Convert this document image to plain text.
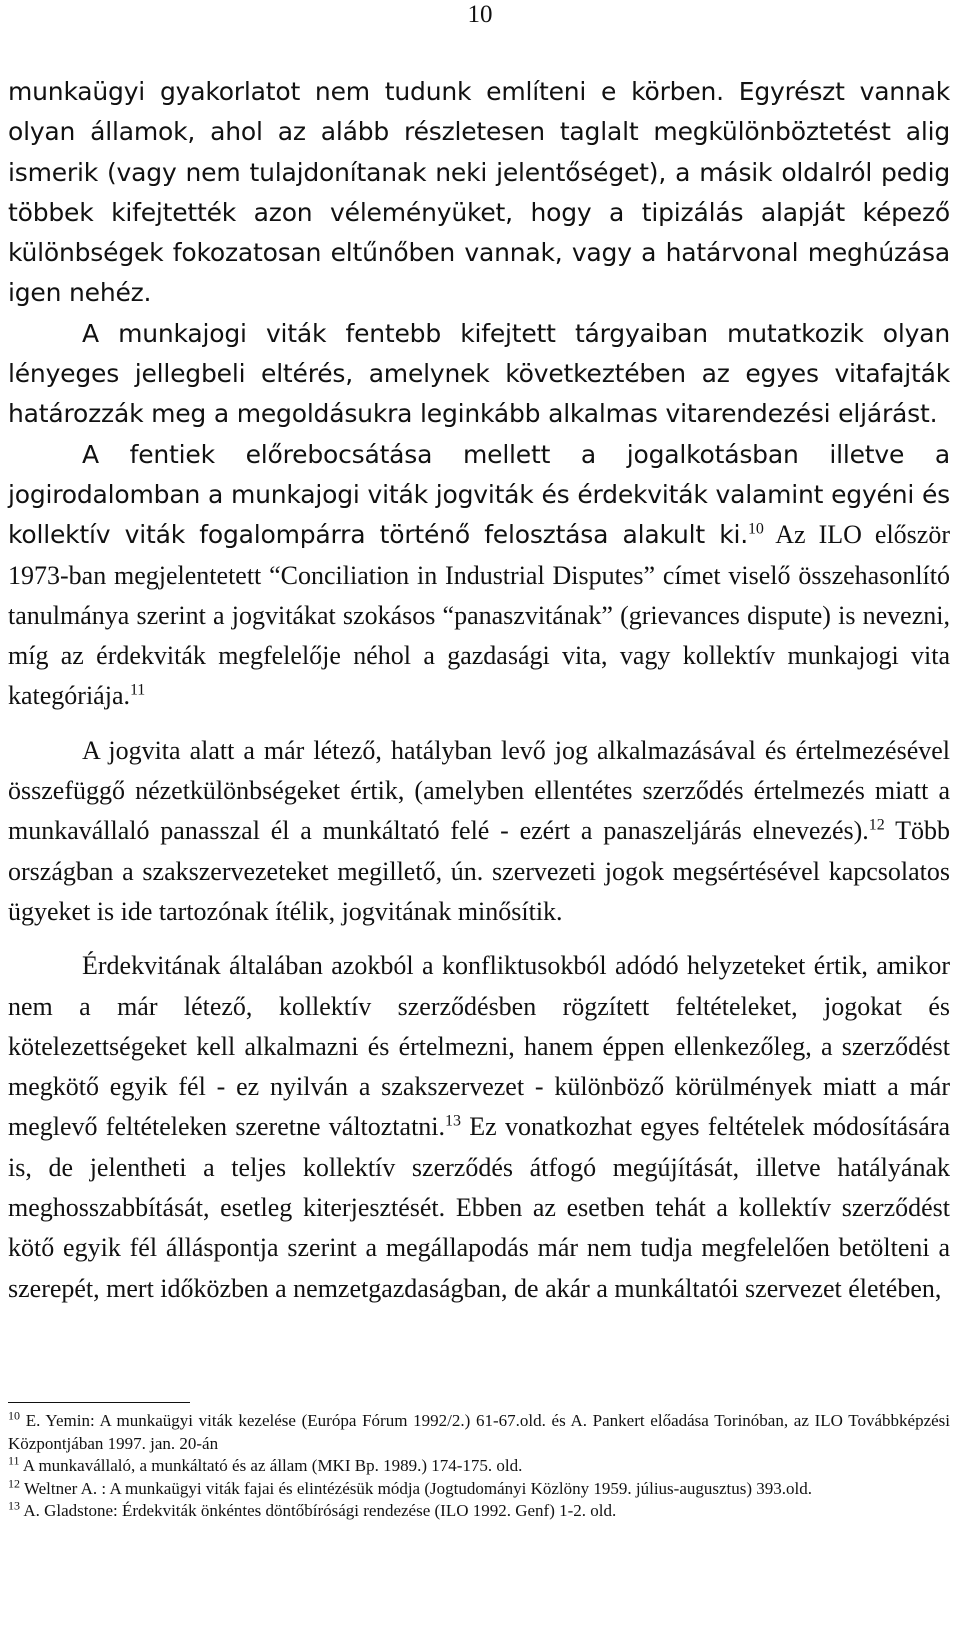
10

munkaügyi gyakorlatot nem tudunk említeni e körben. Egyrészt vannak olyan államok, ahol az alább részletesen taglalt megkülönböztetést alig ismerik (vagy nem tulajdonítanak neki jelentőséget), a másik oldalról pedig többek kifejtették azon véleményüket, hogy a tipizálás alapját képező különbségek fokozatosan eltűnőben vannak, vagy a határvonal meghúzása igen nehéz.

A munkajogi viták fentebb kifejtett tárgyaiban mutatkozik olyan lényeges jellegbeli eltérés, amelynek következtében az egyes vitafajták határozzák meg a megoldásukra leginkább alkalmas vitarendezési eljárást.

A fentiek előrebocsátása mellett a jogalkotásban illetve a jogirodalomban a munkajogi viták jogviták és érdekviták valamint egyéni és kollektív viták fogalompárra történő felosztása alakult ki.$^{10}$ Az ILO először 1973-ban megjelentetett “Conciliation in Industrial Disputes” címet viselő összehasonlító tanulmánya szerint a jogvitákat szokásos “panaszvitának” (grievances dispute) is nevezni, míg az érdekviták megfelelője néhol a gazdasági vita, vagy kollektív munkajogi vita kategóriája.$^{11}$

A jogvita alatt a már létező, hatályban levő jog alkalmazásával és értelmezésével összefüggő nézetkülönbségeket értik, (amelyben ellentétes szerződés értelmezés miatt a munkavállaló panasszal él a munkáltató felé - ezért a panaszeljárás elnevezés).$^{12}$ Több országban a szakszervezeteket megillető, ún. szervezeti jogok megsértésével kapcsolatos ügyeket is ide tartozónak ítélik, jogvitának minősítik.

Érdekvitának általában azokból a konfliktusokból adódó helyzeteket értik, amikor nem a már létező, kollektív szerződésben rögzített feltételeket, jogokat és kötelezettségeket kell alkalmazni és értelmezni, hanem éppen ellenkezőleg, a szerződést megkötő egyik fél - ez nyilván a szakszervezet - különböző körülmények miatt a már meglevő feltételeken szeretne változtatni.$^{13}$ Ez vonatkozhat egyes feltételek módosítására is, de jelentheti a teljes kollektív szerződés átfogó megújítását, illetve hatályának meghosszabbítását, esetleg kiterjesztését. Ebben az esetben tehát a kollektív szerződést kötő egyik fél álláspontja szerint a megállapodás már nem tudja megfelelően betölteni a szerepét, mert időközben a nemzetgazdaságban, de akár a munkáltatói szervezet életében,

$^{10}$ E. Yemin: A munkaügyi viták kezelése (Európa Fórum 1992/2.) 61-67.old. és A. Pankert előadása Torinóban, az ILO Továbbképzési Központjában 1997. jan. 20-án

$^{11}$ A munkavállaló, a munkáltató és az állam (MKI Bp. 1989.) 174-175. old.

$^{12}$ Weltner A. : A munkaügyi viták fajai és elintézésük módja (Jogtudományi Közlöny 1959. július-augusztus) 393.old.

$^{13}$ A. Gladstone: Érdekviták önkéntes döntőbírósági rendezése (ILO 1992. Genf) 1-2. old.
